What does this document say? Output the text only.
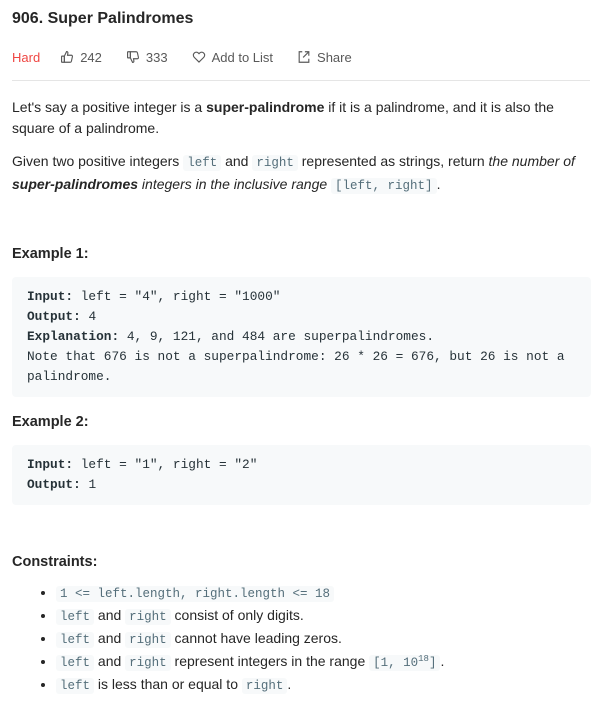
906. Super Palindromes
Hard	242	333	Add to List	Share

Let's say a positive integer is a super-palindrome if it is a palindrome, and it is also the square of a palindrome.

Given two positive integers left and right represented as strings, return the number of super-palindromes integers in the inclusive range [left, right] .

Example 1:
Input: left = "4", right = "1000"
Output: 4
Explanation: 4, 9, 121, and 484 are superpalindromes.
Note that 676 is not a superpalindrome: 26 * 26 = 676, but 26 is not a palindrome.
Example 2:
Input: left = "1", right = "2"
Output: 1
Constraints:
• 1 <= left.length, right.length <= 18
• left and right consist of only digits.
• left and right cannot have leading zeros.
• left and right represent integers in the range [1, $10^{18}$] .
• left is less than or equal to right .
